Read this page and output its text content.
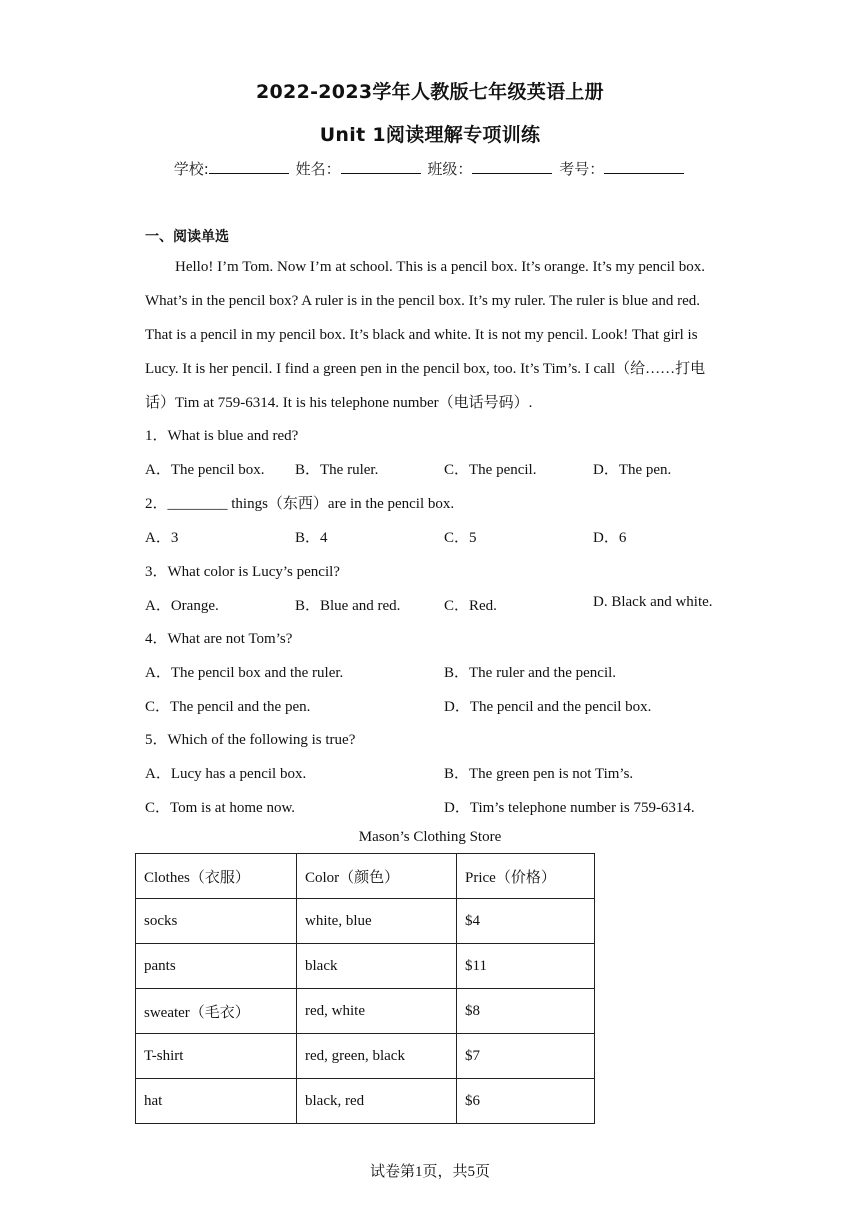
2022-2023学年人教版七年级英语上册
Unit 1阅读理解专项训练
学校:	姓名：	班级：	考号：
一、阅读单选

Hello! I’m Tom. Now I’m at school. This is a pencil box. It’s orange. It’s my pencil box. What’s in the pencil box? A ruler is in the pencil box. It’s my ruler. The ruler is blue and red. That is a pencil in my pencil box. It’s black and white. It is not my pencil. Look! That girl is Lucy. It is her pencil. I find a green pen in the pencil box, too. It’s Tim’s. I call（给……打电话）Tim at 759-6314. It is his telephone number（电话号码）.

1．What is blue and red?
A．The pencil box. B．The ruler.	C．The pencil.	D．The pen.
2．________ things（东西）are in the pencil box.
A．3	B．4	C．5	D．6
3．What color is Lucy’s pencil?
A．Orange.	B．Blue and red.	C．Red.	D. Black and white.
4．What are not Tom’s?
A．The pencil box and the ruler.	B．The ruler and the pencil.
C．The pencil and the pen.	D．The pencil and the pencil box.
5．Which of the following is true?
A．Lucy has a pencil box.	B．The green pen is not Tim’s.
C．Tom is at home now.	D．Tim’s telephone number is 759-6314.
Mason’s Clothing Store
Clothes（衣服）	Color（颜色）	Price（价格）
socks	white, blue	$4
pants	black	$11
sweater（毛衣）	red, white	$8
T-shirt	red, green, black	$7
hat	black, red	$6
试卷第1页，共5页
